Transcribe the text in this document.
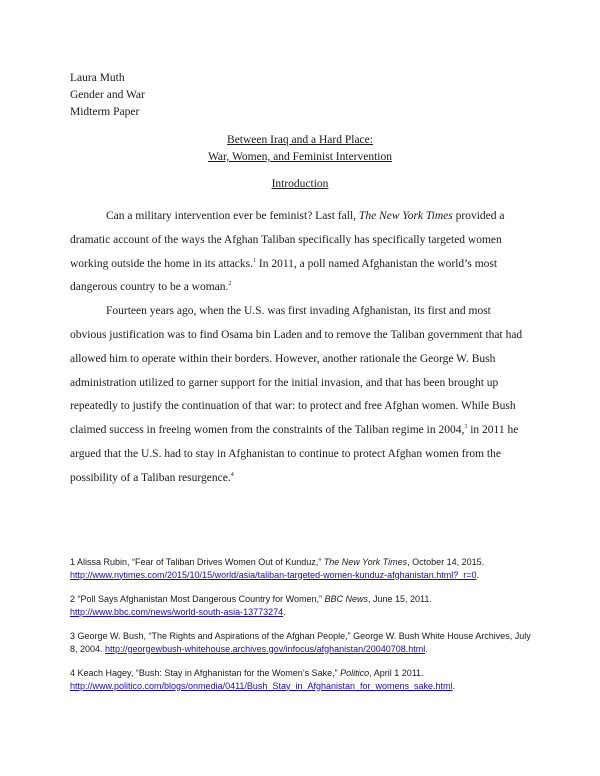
Laura Muth
Gender and War
Midterm Paper
Between Iraq and a Hard Place:
War, Women, and Feminist Intervention
Introduction

Can a military intervention ever be feminist? Last fall, The New York Times provided a dramatic account of the ways the Afghan Taliban specifically has specifically targeted women working outside the home in its attacks.$^1$ In 2011, a poll named Afghanistan the world’s most dangerous country to be a woman.$^2$

Fourteen years ago, when the U.S. was first invading Afghanistan, its first and most obvious justification was to find Osama bin Laden and to remove the Taliban government that had allowed him to operate within their borders. However, another rationale the George W. Bush administration utilized to garner support for the initial invasion, and that has been brought up repeatedly to justify the continuation of that war: to protect and free Afghan women. While Bush claimed success in freeing women from the constraints of the Taliban regime in 2004,$^3$ in 2011 he argued that the U.S. had to stay in Afghanistan to continue to protect Afghan women from the possibility of a Taliban resurgence.$^4$

1 Alissa Rubin, “Fear of Taliban Drives Women Out of Kunduz,” The New York Times, October 14, 2015.
http://www.nytimes.com/2015/10/15/world/asia/taliban-targeted-women-kunduz-afghanistan.html?_r=0.
2 “Poll Says Afghanistan Most Dangerous Country for Women,” BBC News, June 15, 2011.
http://www.bbc.com/news/world-south-asia-13773274.
3 George W. Bush, “The Rights and Aspirations of the Afghan People,” George W. Bush White House Archives, July 8, 2004. http://georgewbush-whitehouse.archives.gov/infocus/afghanistan/20040708.html.
4 Keach Hagey, “Bush: Stay in Afghanistan for the Women’s Sake,” Politico, April 1 2011.
http://www.politico.com/blogs/onmedia/0411/Bush_Stay_in_Afghanistan_for_womens_sake.html.
